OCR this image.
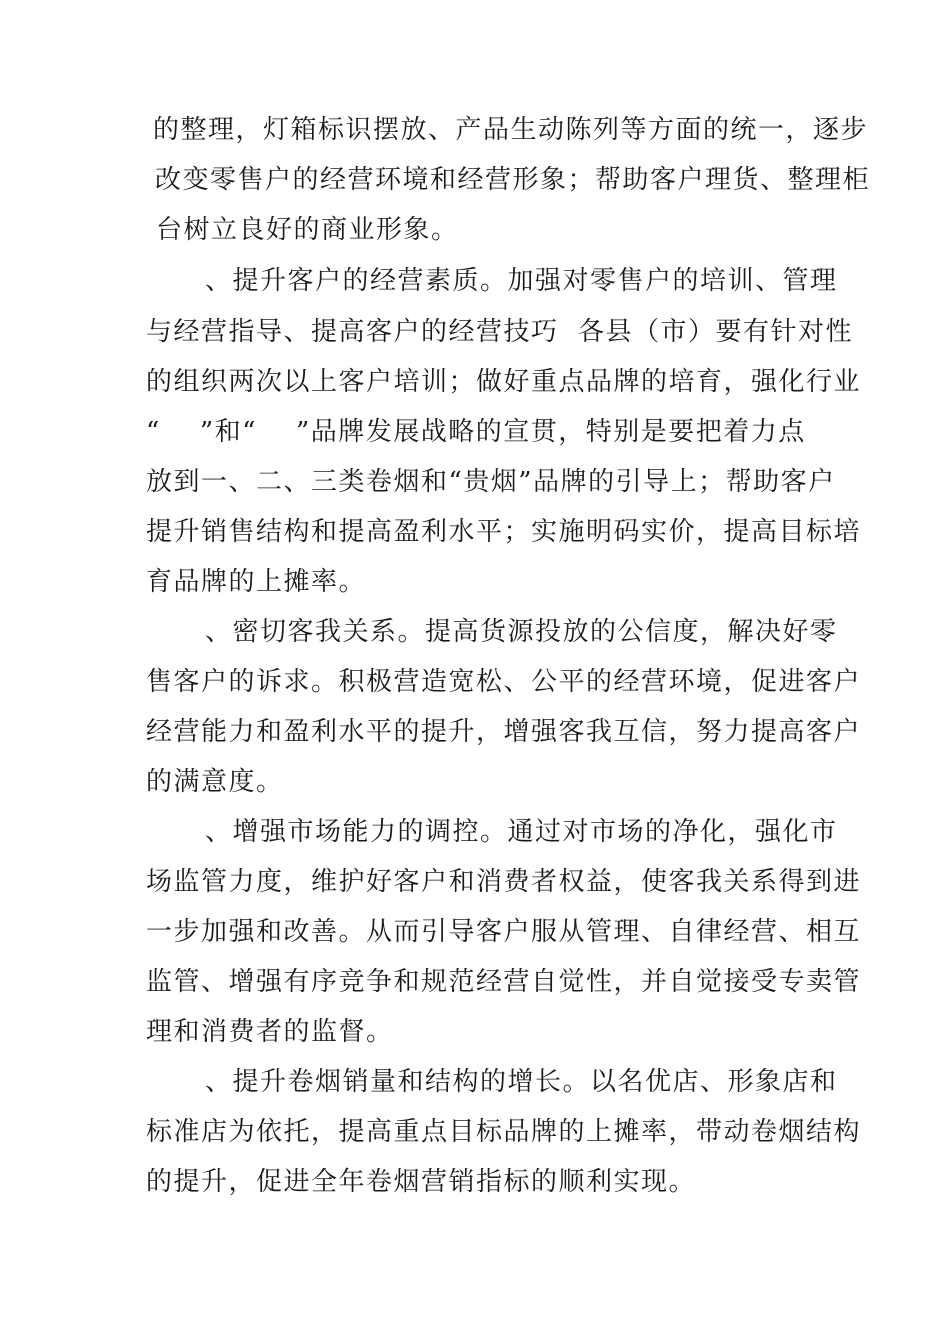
的整理，灯箱标识摆放、产品生动陈列等方面的统一，逐步
改变零售户的经营环境和经营形象；帮助客户理货、整理柜
台树立良好的商业形象。
、提升客户的经营素质。加强对零售户的培训、管理
与经营指导、提高客户的经营技巧  各县（市）要有针对性
的组织两次以上客户培训；做好重点品牌的培育，强化行业
“    ”和“    ”品牌发展战略的宣贯，特别是要把着力点
放到一、二、三类卷烟和“贵烟”品牌的引导上；帮助客户
提升销售结构和提高盈利水平；实施明码实价，提高目标培
育品牌的上摊率。
、密切客我关系。提高货源投放的公信度，解决好零
售客户的诉求。积极营造宽松、公平的经营环境，促进客户
经营能力和盈利水平的提升，增强客我互信，努力提高客户
的满意度。
、增强市场能力的调控。通过对市场的净化，强化市
场监管力度，维护好客户和消费者权益，使客我关系得到进
一步加强和改善。从而引导客户服从管理、自律经营、相互
监管、增强有序竞争和规范经营自觉性，并自觉接受专卖管
理和消费者的监督。
、提升卷烟销量和结构的增长。以名优店、形象店和
标准店为依托，提高重点目标品牌的上摊率，带动卷烟结构
的提升，促进全年卷烟营销指标的顺利实现。
